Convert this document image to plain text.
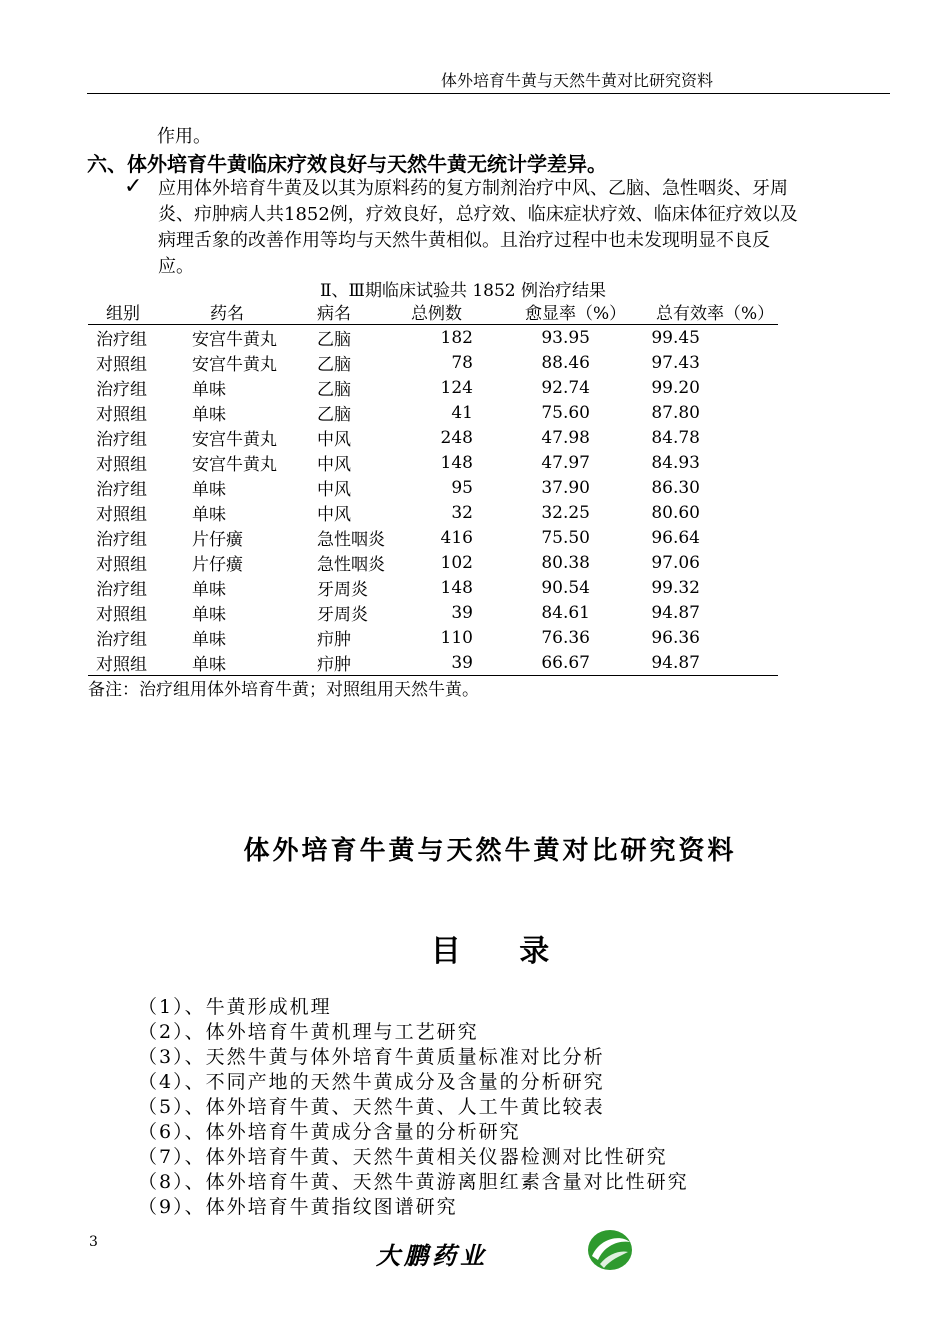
体外培育牛黄与天然牛黄对比研究资料
作用。
六、体外培育牛黄临床疗效良好与天然牛黄无统计学差异。
✓ 应用体外培育牛黄及以其为原料药的复方制剂治疗中风、乙脑、急性咽炎、牙周炎、疖肿病人共1852例，疗效良好，总疗效、临床症状疗效、临床体征疗效以及病理舌象的改善作用等均与天然牛黄相似。且治疗过程中也未发现明显不良反应。
Ⅱ、Ⅲ期临床试验共 1852 例治疗结果
组别	药名	病名	总例数	愈显率（%）	总有效率（%）
治疗组	安宫牛黄丸	乙脑	182	93.95	99.45
对照组	安宫牛黄丸	乙脑	78	88.46	97.43
治疗组	单味	乙脑	124	92.74	99.20
对照组	单味	乙脑	41	75.60	87.80
治疗组	安宫牛黄丸	中风	248	47.98	84.78
对照组	安宫牛黄丸	中风	148	47.97	84.93
治疗组	单味	中风	95	37.90	86.30
对照组	单味	中风	32	32.25	80.60
治疗组	片仔癀	急性咽炎	416	75.50	96.64
对照组	片仔癀	急性咽炎	102	80.38	97.06
治疗组	单味	牙周炎	148	90.54	99.32
对照组	单味	牙周炎	39	84.61	94.87
治疗组	单味	疖肿	110	76.36	96.36
对照组	单味	疖肿	39	66.67	94.87
备注：治疗组用体外培育牛黄；对照组用天然牛黄。
体外培育牛黄与天然牛黄对比研究资料
目 录
（1）、牛黄形成机理
（2）、体外培育牛黄机理与工艺研究
（3）、天然牛黄与体外培育牛黄质量标准对比分析
（4）、不同产地的天然牛黄成分及含量的分析研究
（5）、体外培育牛黄、天然牛黄、人工牛黄比较表
（6）、体外培育牛黄成分含量的分析研究
（7）、体外培育牛黄、天然牛黄相关仪器检测对比性研究
（8）、体外培育牛黄、天然牛黄游离胆红素含量对比性研究
（9）、体外培育牛黄指纹图谱研究
3	大鹏药业
